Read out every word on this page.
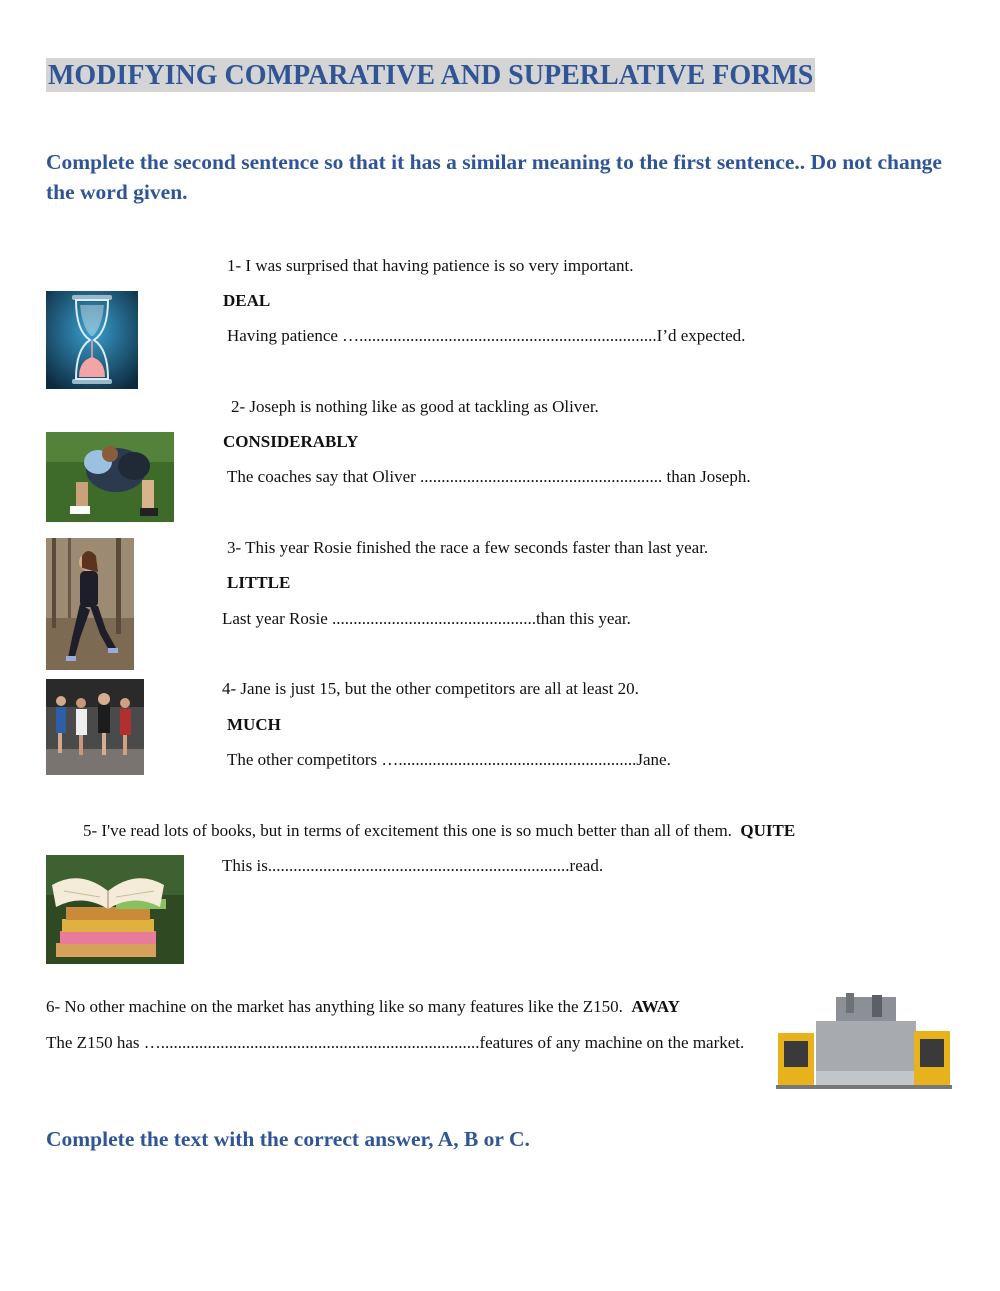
MODIFYING COMPARATIVE AND SUPERLATIVE FORMS
Complete the second sentence so that it has a similar meaning to the first sentence.. Do not change the word given.
1- I was surprised that having patience is so very important.
DEAL
Having patience …......................................................................I’d expected.
2- Joseph is nothing like as good at tackling as Oliver.
CONSIDERABLY
The coaches say that Oliver ......................................................... than Joseph.
3- This year Rosie finished the race a few seconds faster than last year.
LITTLE
Last year Rosie ................................................than this year.
4- Jane is just 15, but the other competitors are all at least 20.
MUCH
The other competitors …........................................................Jane.
5- I've read lots of books, but in terms of excitement this one is so much better than all of them. QUITE
This is.......................................................................read.
6- No other machine on the market has anything like so many features like the Z150. AWAY
The Z150 has …...........................................................................features of any machine on the market.
Complete the text with the correct answer, A, B or C.
